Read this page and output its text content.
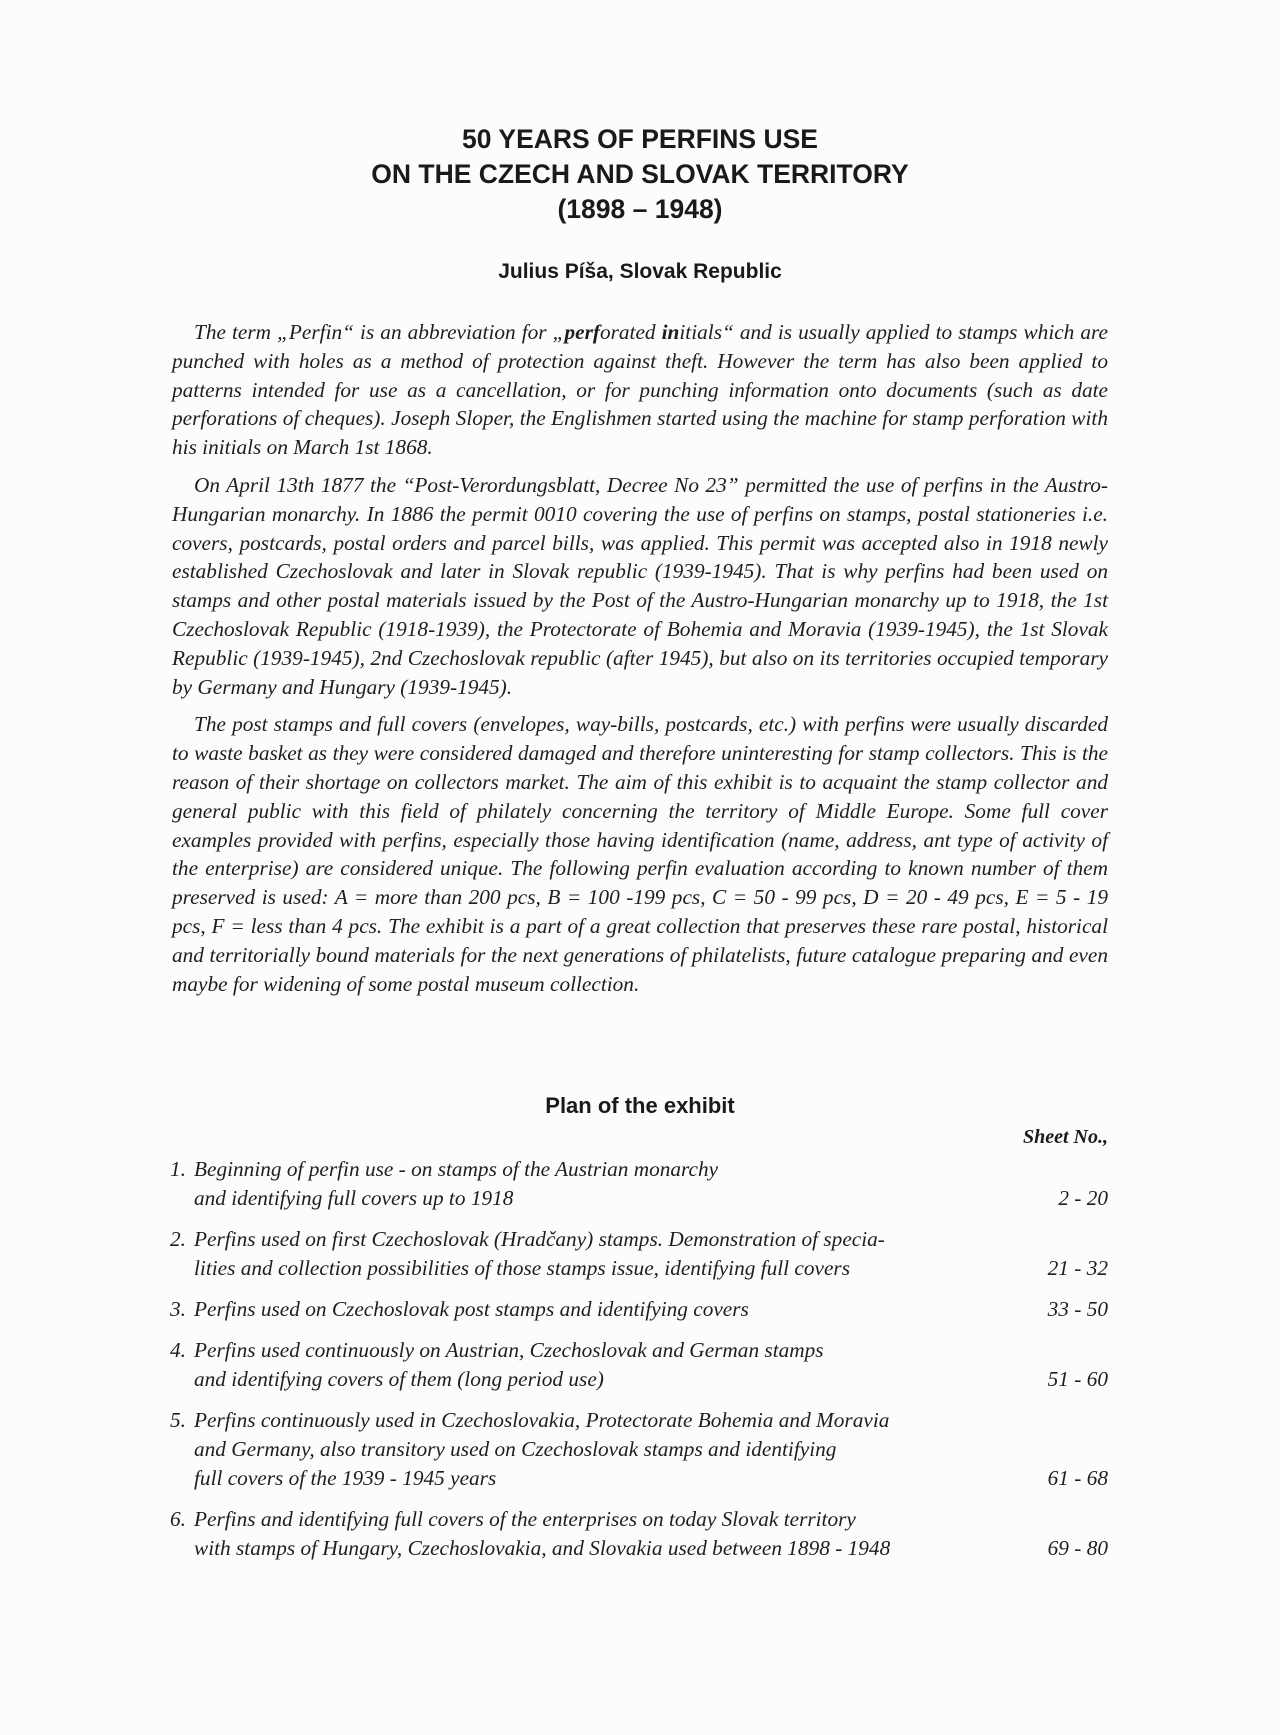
50 YEARS OF PERFINS USE
ON THE CZECH AND SLOVAK TERRITORY
(1898 – 1948)
Julius Píša, Slovak Republic

The term „Perfin“ is an abbreviation for „perforated initials“ and is usually applied to stamps which are punched with holes as a method of protection against theft. However the term has also been applied to patterns intended for use as a cancellation, or for punching information onto documents (such as date perforations of cheques). Joseph Sloper, the Englishmen started using the machine for stamp perforation with his initials on March 1st 1868.

On April 13th 1877 the “Post-Verordungsblatt, Decree No 23” permitted the use of perfins in the Austro-Hungarian monarchy. In 1886 the permit 0010 covering the use of perfins on stamps, postal stationeries i.e. covers, postcards, postal orders and parcel bills, was applied. This permit was accepted also in 1918 newly established Czechoslovak and later in Slovak republic (1939-1945). That is why perfins had been used on stamps and other postal materials issued by the Post of the Austro-Hungarian monarchy up to 1918, the 1st Czechoslovak Republic (1918-1939), the Protectorate of Bohemia and Moravia (1939-1945), the 1st Slovak Republic (1939-1945), 2nd Czechoslovak republic (after 1945), but also on its territories occupied temporary by Germany and Hungary (1939-1945).

The post stamps and full covers (envelopes, way-bills, postcards, etc.) with perfins were usually discarded to waste basket as they were considered damaged and therefore uninteresting for stamp collectors. This is the reason of their shortage on collectors market. The aim of this exhibit is to acquaint the stamp collector and general public with this field of philately concerning the territory of Middle Europe. Some full cover examples provided with perfins, especially those having identification (name, address, ant type of activity of the enterprise) are considered unique. The following perfin evaluation according to known number of them preserved is used: A = more than 200 pcs, B = 100 -199 pcs, C = 50 - 99 pcs, D = 20 - 49 pcs, E = 5 - 19 pcs, F = less than 4 pcs. The exhibit is a part of a great collection that preserves these rare postal, historical and territorially bound materials for the next generations of philatelists, future catalogue preparing and even maybe for widening of some postal museum collection.

Plan of the exhibit
Sheet No.,
1. Beginning of perfin use - on stamps of the Austrian monarchy
and identifying full covers up to 1918	2 - 20
2. Perfins used on first Czechoslovak (Hradčany) stamps. Demonstration of specia-
lities and collection possibilities of those stamps issue, identifying full covers	21 - 32
3. Perfins used on Czechoslovak post stamps and identifying covers	33 - 50
4. Perfins used continuously on Austrian, Czechoslovak and German stamps
and identifying covers of them (long period use)	51 - 60
5. Perfins continuously used in Czechoslovakia, Protectorate Bohemia and Moravia
and Germany, also transitory used on Czechoslovak stamps and identifying
full covers of the 1939 - 1945 years	61 - 68
6. Perfins and identifying full covers of the enterprises on today Slovak territory
with stamps of Hungary, Czechoslovakia, and Slovakia used between 1898 - 1948	69 - 80
